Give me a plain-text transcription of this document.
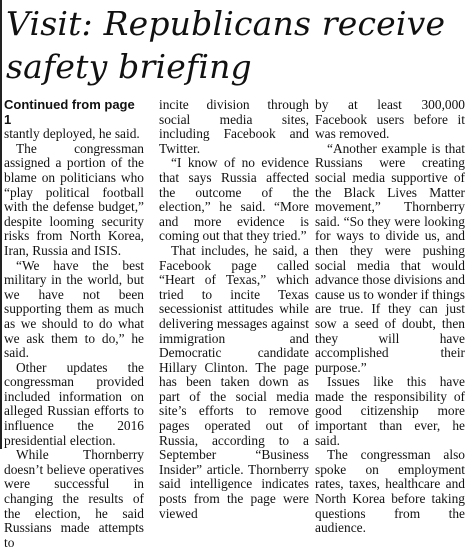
Visit: Republicans receive
safety briefing
Continued from page 1

stantly deployed, he said.

The congressman assigned a portion of the blame on politicians who “play political football with the defense budget,” despite looming security risks from North Korea, Iran, Russia and ISIS.

“We have the best military in the world, but we have not been supporting them as much as we should to do what we ask them to do,” he said.

Other updates the congressman provided included information on alleged Russian efforts to influence the 2016 presidential election.

While Thornberry doesn’t believe operatives were successful in changing the results of the election, he said Russians made attempts to

incite division through social media sites, including Facebook and Twitter.

“I know of no evidence that says Russia affected the outcome of the election,” he said. “More and more evidence is coming out that they tried.”

That includes, he said, a Facebook page called “Heart of Texas,” which tried to incite Texas secessionist attitudes while delivering messages against immigration and Democratic candidate Hillary Clinton. The page has been taken down as part of the social media site’s efforts to remove pages operated out of Russia, according to a September “Business Insider” article. Thornberry said intelligence indicates posts from the page were viewed

by at least 300,000 Facebook users before it was removed.

“Another example is that Russians were creating social media supportive of the Black Lives Matter movement,” Thornberry said. “So they were looking for ways to divide us, and then they were pushing social media that would advance those divisions and cause us to wonder if things are true. If they can just sow a seed of doubt, then they will have accomplished their purpose.”

Issues like this have made the responsibility of good citizenship more important than ever, he said.

The congressman also spoke on employment rates, taxes, healthcare and North Korea before taking questions from the audience.
